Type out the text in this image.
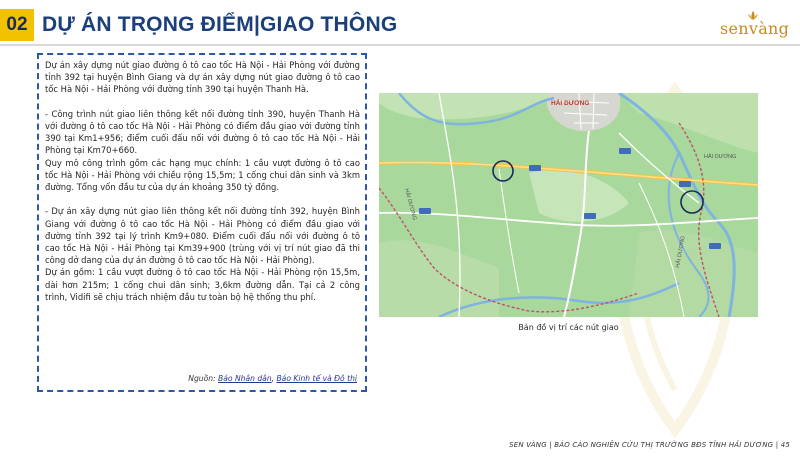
02 DỰ ÁN TRỌNG ĐIỂM|GIAO THÔNG	senvàng

Dự án xây dựng nút giao đường ô tô cao tốc Hà Nội - Hải Phòng với đường tỉnh 392 tại huyện Bình Giang và dự án xây dựng nút giao đường ô tô cao tốc Hà Nội - Hải Phòng với đường tỉnh 390 tại huyện Thanh Hà.

- Công trình nút giao liên thông kết nối đường tỉnh 390, huyện Thanh Hà với đường ô tô cao tốc Hà Nội - Hải Phòng có điểm đầu giao với đường tỉnh 390 tại Km1+956; điểm cuối đấu nối với đường ô tô cao tốc Hà Nội - Hải Phòng tại Km70+660.

Quy mô công trình gồm các hạng mục chính: 1 cầu vượt đường ô tô cao tốc Hà Nội - Hải Phòng với chiều rộng 15,5m; 1 cống chui dân sinh và 3km đường. Tổng vốn đầu tư của dự án khoảng 350 tỷ đồng.

- Dự án xây dựng nút giao liên thông kết nối đường tỉnh 392, huyện Bình Giang với đường ô tô cao tốc Hà Nội - Hải Phòng có điểm đầu giao với đường tỉnh 392 tại lý trình Km9+080. Điểm cuối đấu nối với đường ô tô cao tốc Hà Nội - Hải Phòng tại Km39+900 (trùng với vị trí nút giao đã thi công dở dang của dự án đường ô tô cao tốc Hà Nội - Hải Phòng).

Dự án gồm: 1 cầu vượt đường ô tô cao tốc Hà Nội - Hải Phòng rộn 15,5m, dài hơn 215m; 1 cống chui dân sinh; 3,6km đường dẫn. Tại cả 2 công trình, Vidifi sẽ chịu trách nhiệm đầu tư toàn bộ hệ thống thu phí.

Nguồn: Báo Nhân dân, Báo Kinh tế và Đô thị
HẢI DƯƠNG
HẢI DƯƠNG
HẢI DƯƠNG
HẢI DƯƠNG
Bản đồ vị trí các nút giao
SEN VÀNG | BÁO CÁO NGHIÊN CỨU THỊ TRƯỜNG BĐS TỈNH HẢI DƯƠNG | 45
